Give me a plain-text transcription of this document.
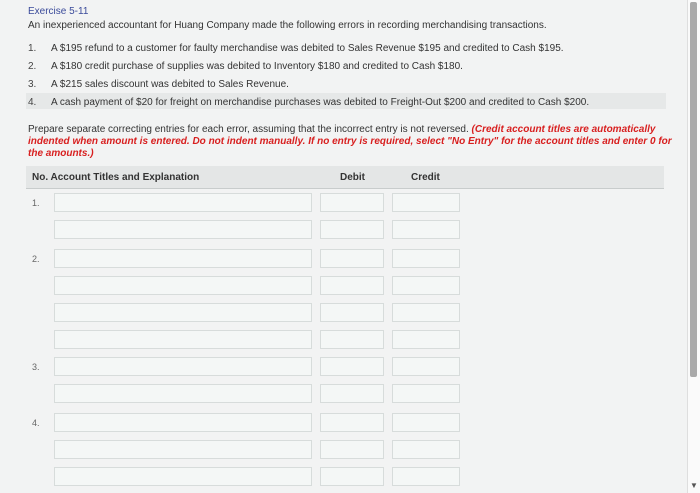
Exercise 5-11
An inexperienced accountant for Huang Company made the following errors in recording merchandising transactions.
1.	A $195 refund to a customer for faulty merchandise was debited to Sales Revenue $195 and credited to Cash $195.
2.	A $180 credit purchase of supplies was debited to Inventory $180 and credited to Cash $180.
3.	A $215 sales discount was debited to Sales Revenue.
4.	A cash payment of $20 for freight on merchandise purchases was debited to Freight-Out $200 and credited to Cash $200.
Prepare separate correcting entries for each error, assuming that the incorrect entry is not reversed. (Credit account titles are automatically indented when amount is entered. Do not indent manually. If no entry is required, select "No Entry" for the account titles and enter 0 for the amounts.)
No. Account Titles and Explanation	Debit	Credit
1.
2.
3.
4.
▼
